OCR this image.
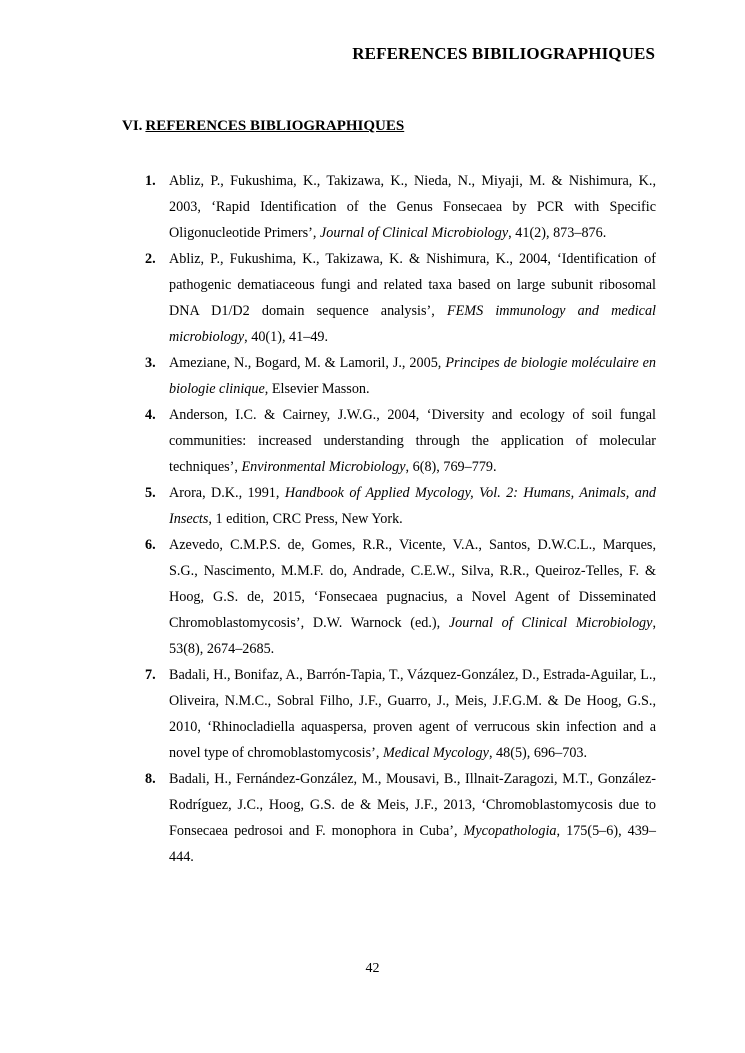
REFERENCES BIBILIOGRAPHIQUES
VI. REFERENCES BIBLIOGRAPHIQUES
1. Abliz, P., Fukushima, K., Takizawa, K., Nieda, N., Miyaji, M. & Nishimura, K., 2003, ‘Rapid Identification of the Genus Fonsecaea by PCR with Specific Oligonucleotide Primers’, Journal of Clinical Microbiology, 41(2), 873–876.
2. Abliz, P., Fukushima, K., Takizawa, K. & Nishimura, K., 2004, ‘Identification of pathogenic dematiaceous fungi and related taxa based on large subunit ribosomal DNA D1/D2 domain sequence analysis’, FEMS immunology and medical microbiology, 40(1), 41–49.
3. Ameziane, N., Bogard, M. & Lamoril, J., 2005, Principes de biologie moléculaire en biologie clinique, Elsevier Masson.
4. Anderson, I.C. & Cairney, J.W.G., 2004, ‘Diversity and ecology of soil fungal communities: increased understanding through the application of molecular techniques’, Environmental Microbiology, 6(8), 769–779.
5. Arora, D.K., 1991, Handbook of Applied Mycology, Vol. 2: Humans, Animals, and Insects, 1 edition, CRC Press, New York.
6. Azevedo, C.M.P.S. de, Gomes, R.R., Vicente, V.A., Santos, D.W.C.L., Marques, S.G., Nascimento, M.M.F. do, Andrade, C.E.W., Silva, R.R., Queiroz-Telles, F. & Hoog, G.S. de, 2015, ‘Fonsecaea pugnacius, a Novel Agent of Disseminated Chromoblastomycosis’, D.W. Warnock (ed.), Journal of Clinical Microbiology, 53(8), 2674–2685.
7. Badali, H., Bonifaz, A., Barrón-Tapia, T., Vázquez-González, D., Estrada-Aguilar, L., Oliveira, N.M.C., Sobral Filho, J.F., Guarro, J., Meis, J.F.G.M. & De Hoog, G.S., 2010, ‘Rhinocladiella aquaspersa, proven agent of verrucous skin infection and a novel type of chromoblastomycosis’, Medical Mycology, 48(5), 696–703.
8. Badali, H., Fernández-González, M., Mousavi, B., Illnait-Zaragozi, M.T., González-Rodríguez, J.C., Hoog, G.S. de & Meis, J.F., 2013, ‘Chromoblastomycosis due to Fonsecaea pedrosoi and F. monophora in Cuba’, Mycopathologia, 175(5–6), 439–444.
42
